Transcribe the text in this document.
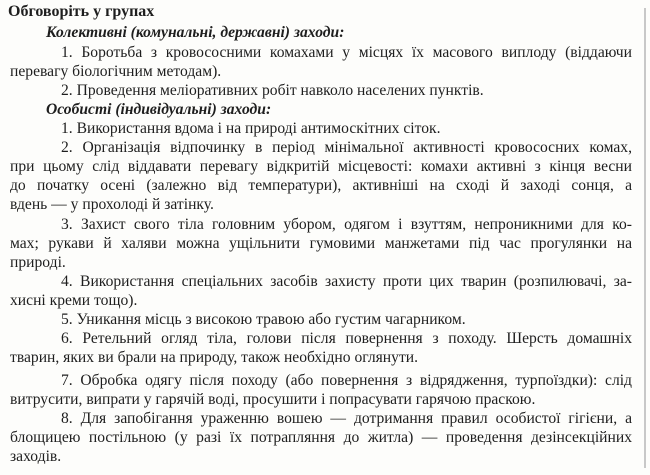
Обговоріть у групах
Колективні (комунальні, державні) заходи:
1. Боротьба з кровососними комахами у місцях їх масового виплоду (віддаючи
перевагу біологічним методам).
2. Проведення меліоративних робіт навколо населених пунктів.
Особисті (індивідуальні) заходи:
1. Використання вдома і на природі антимоскітних сіток.
2. Організація відпочинку в період мінімальної активності кровососних комах,
при цьому слід віддавати перевагу відкритій місцевості: комахи активні з кінця весни
до початку осені (залежно від температури), активніші на сході й заході сонця, а
вдень — у прохолоді й затінку.
3. Захист свого тіла головним убором, одягом і взуттям, непроникними для ко-
мах; рукави й халяви можна ущільнити гумовими манжетами під час прогулянки на
природі.
4. Використання спеціальних засобів захисту проти цих тварин (розпилювачі, за-
хисні креми тощо).
5. Уникання місць з високою травою або густим чагарником.
6. Ретельний огляд тіла, голови після повернення з походу. Шерсть домашніх
тварин, яких ви брали на природу, також необхідно оглянути.
7. Обробка одягу після походу (або повернення з відрядження, турпоїздки): слід
витрусити, випрати у гарячій воді, просушити і попрасувати гарячою праскою.
8. Для запобігання ураженню вошею — дотримання правил особистої гігієни, а
блощицею постільною (у разі їх потрапляння до житла) — проведення дезінсекційних
заходів.
